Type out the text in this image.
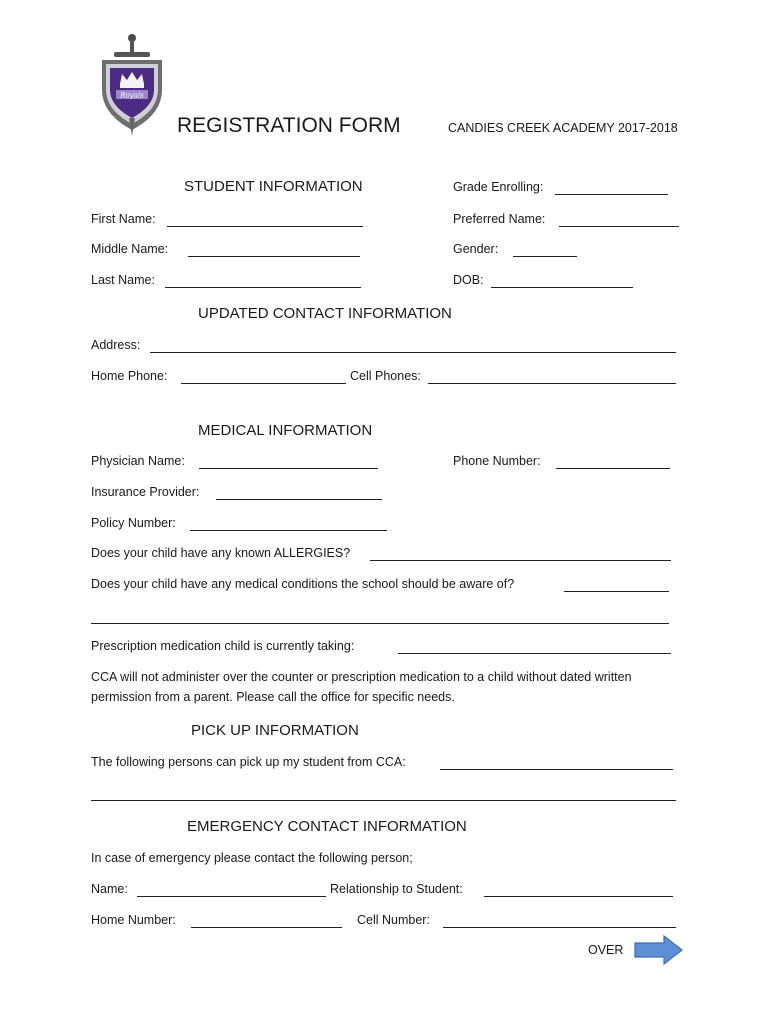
Royals
REGISTRATION FORM	CANDIES CREEK ACADEMY 2017-2018
STUDENT INFORMATION	Grade Enrolling:
First Name:	Preferred Name:
Middle Name:	Gender:
Last Name:	DOB:
UPDATED CONTACT INFORMATION
Address:
Home Phone:	Cell Phones:
MEDICAL INFORMATION
Physician Name:	Phone Number:
Insurance Provider:
Policy Number:
Does your child have any known ALLERGIES?
Does your child have any medical conditions the school should be aware of?
Prescription medication child is currently taking:
CCA will not administer over the counter or prescription medication to a child without dated written permission from a parent. Please call the office for specific needs.
PICK UP INFORMATION
The following persons can pick up my student from CCA:
EMERGENCY CONTACT INFORMATION
In case of emergency please contact the following person;
Name:	Relationship to Student:
Home Number:	Cell Number:
OVER
